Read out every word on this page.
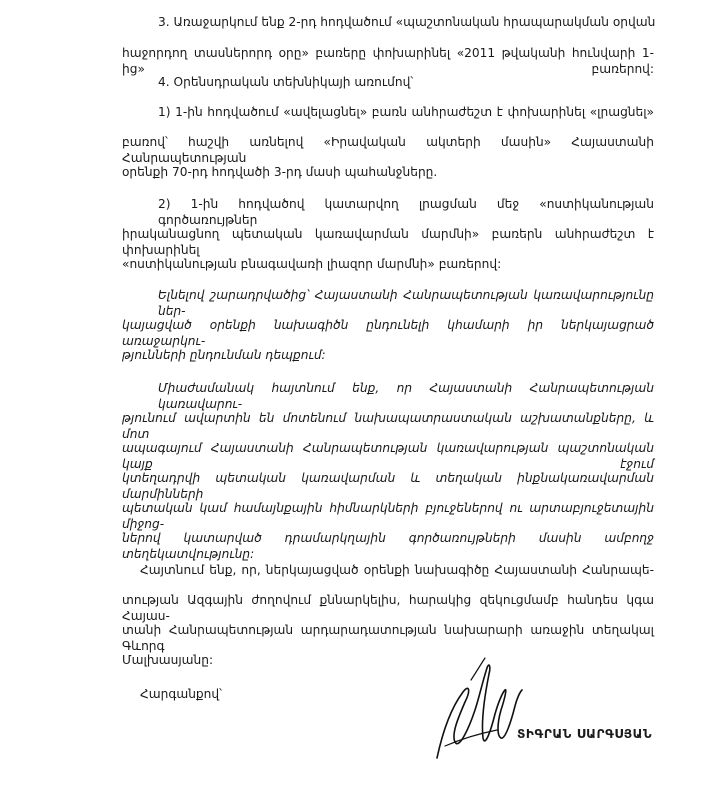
3. Առաջարկում ենք 2-րդ հոդվածում «պաշտոնական հրապարակման օրվան
հաջորդող տասներորդ օրը» բառերը փոխարինել «2011 թվականի հունվարի 1-ից» բառերով:
4. Օրենսդրական տեխնիկայի առումով՝
1) 1-ին հոդվածում «ավելացնել» բառն անհրաժեշտ է փոխարինել «լրացնել»
բառով՝ հաշվի առնելով «Իրավական ակտերի մասին» Հայաստանի Հանրապետության
օրենքի 70-րդ հոդվածի 3-րդ մասի պահանջները.
2) 1-ին հոդվածով կատարվող լրացման մեջ «ոստիկանության գործառույթներ
իրականացնող պետական կառավարման մարմնի» բառերն անհրաժեշտ է փոխարինել
«ոստիկանության բնագավառի լիազոր մարմնի» բառերով:
Ելնելով շարադրվածից՝ Հայաստանի Հանրապետության կառավարությունը ներ-
կայացված օրենքի նախագիծն ընդունելի կհամարի իր ներկայացրած առաջարկու-
թյունների ընդունման դեպքում:
Միաժամանակ հայտնում ենք, որ Հայաստանի Հանրապետության կառավարու-
թյունում ավարտին են մոտենում նախապատրաստական աշխատանքները, և մոտ
ապագայում Հայաստանի Հանրապետության կառավարության պաշտոնական կայք էջում
կտեղադրվի պետական կառավարման և տեղական ինքնակառավարման մարմինների
պետական կամ համայնքային հիմնարկների բյուջեներով ու արտաբյուջետային միջոց-
ներով կատարված դրամարկղային գործառույթների մասին ամբողջ տեղեկատվությունը:
Հայտնում ենք, որ, ներկայացված օրենքի նախագիծը Հայաստանի Հանրապե-
տության Ազգային ժողովում քննարկելիս, հարակից զեկուցմամբ հանդես կգա Հայաս-
տանի Հանրապետության արդարադատության նախարարի առաջին տեղակալ Գևորգ
Մալխասյանը:
Հարգանքով՝
ՏԻԳՐԱՆ ՍԱՐԳՍՅԱՆ
